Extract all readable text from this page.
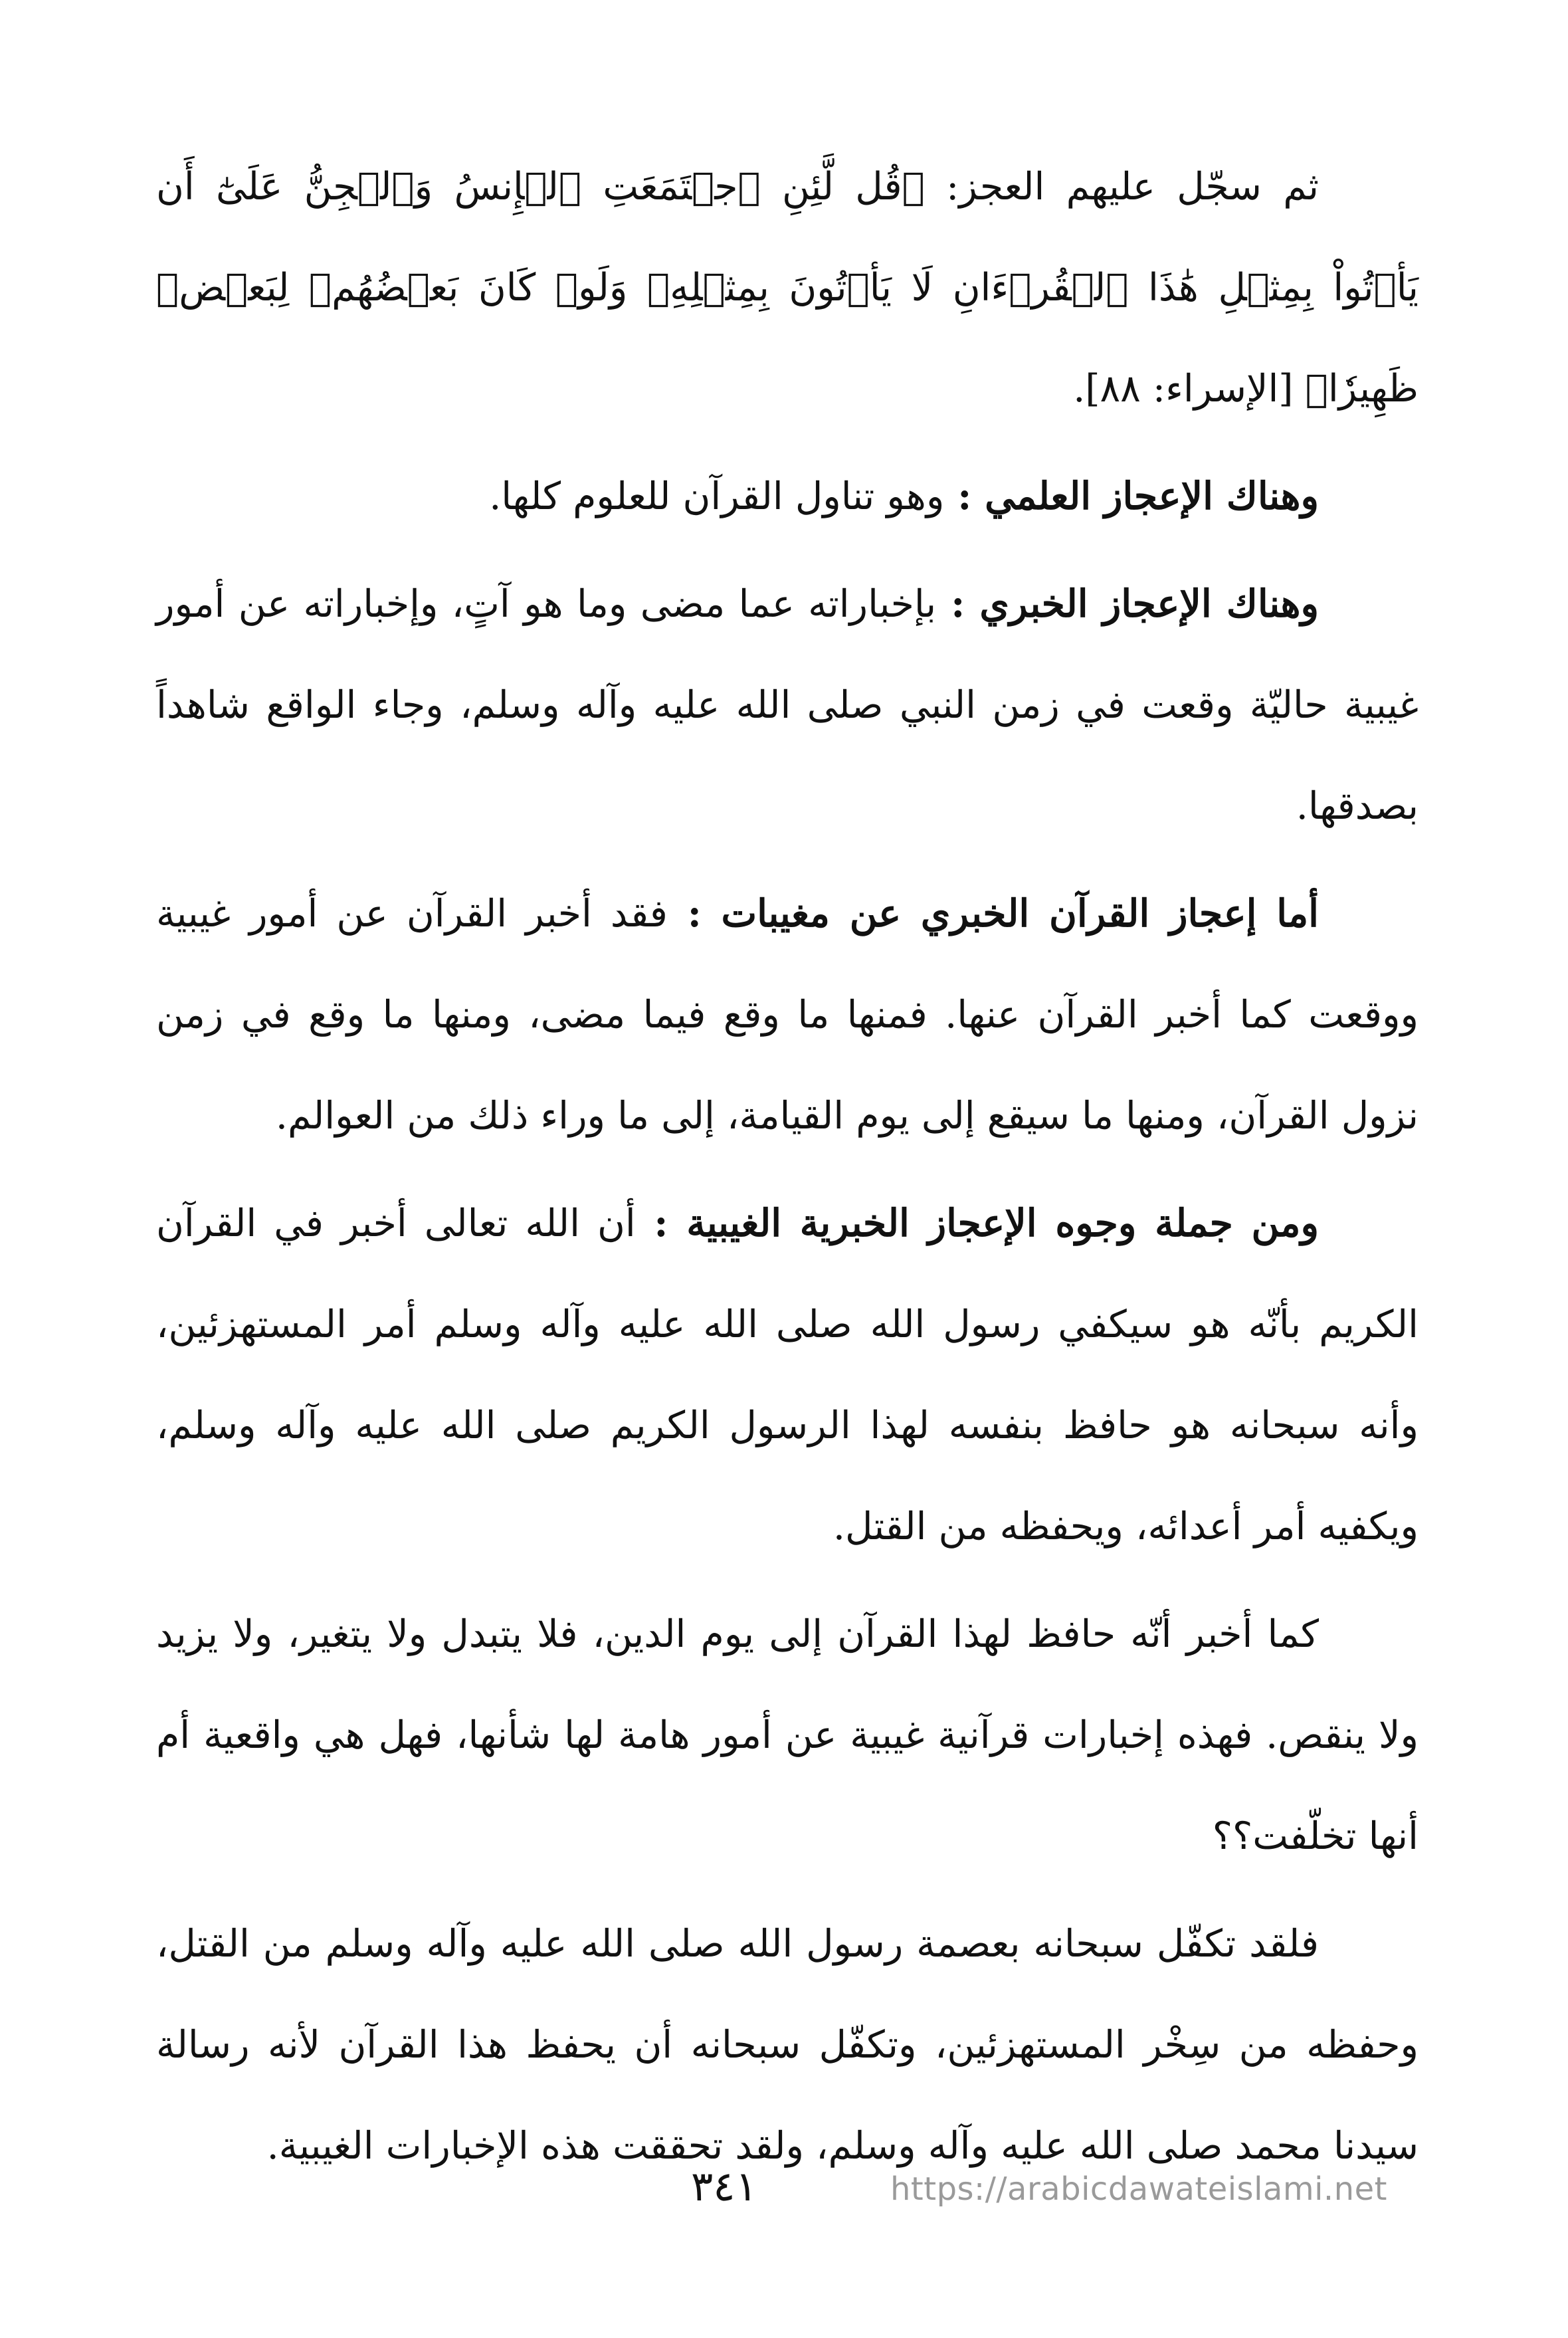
ثم سجّل عليهم العجز: ﴿قُل لَّئِنِ ٱجۡتَمَعَتِ ٱلۡإِنسُ وَٱلۡجِنُّ عَلَىٰٓ أَن يَأۡتُواْ بِمِثۡلِ هَٰذَا ٱلۡقُرۡءَانِ لَا يَأۡتُونَ بِمِثۡلِهِۦ وَلَوۡ كَانَ بَعۡضُهُمۡ لِبَعۡضٖ ظَهِيرٗا﴾ [الإسراء: ٨٨].

وهناك الإعجاز العلمي : وهو تناول القرآن للعلوم كلها.

وهناك الإعجاز الخبري : بإخباراته عما مضى وما هو آتٍ، وإخباراته عن أمور غيبية حاليّة وقعت في زمن النبي صلى الله عليه وآله وسلم، وجاء الواقع شاهداً بصدقها.

أما إعجاز القرآن الخبري عن مغيبات : فقد أخبر القرآن عن أمور غيبية ووقعت كما أخبر القرآن عنها. فمنها ما وقع فيما مضى، ومنها ما وقع في زمن نزول القرآن، ومنها ما سيقع إلى يوم القيامة، إلى ما وراء ذلك من العوالم.

ومن جملة وجوه الإعجاز الخبرية الغيبية : أن الله تعالى أخبر في القرآن الكريم بأنّه هو سيكفي رسول الله صلى الله عليه وآله وسلم أمر المستهزئين، وأنه سبحانه هو حافظ بنفسه لهذا الرسول الكريم صلى الله عليه وآله وسلم، ويكفيه أمر أعدائه، ويحفظه من القتل.

كما أخبر أنّه حافظ لهذا القرآن إلى يوم الدين، فلا يتبدل ولا يتغير، ولا يزيد ولا ينقص. فهذه إخبارات قرآنية غيبية عن أمور هامة لها شأنها، فهل هي واقعية أم أنها تخلّفت؟؟

فلقد تكفّل سبحانه بعصمة رسول الله صلى الله عليه وآله وسلم من القتل، وحفظه من سِخْر المستهزئين، وتكفّل سبحانه أن يحفظ هذا القرآن لأنه رسالة سيدنا محمد صلى الله عليه وآله وسلم، ولقد تحققت هذه الإخبارات الغيبية.

٣٤١	https://arabicdawateislami.net
